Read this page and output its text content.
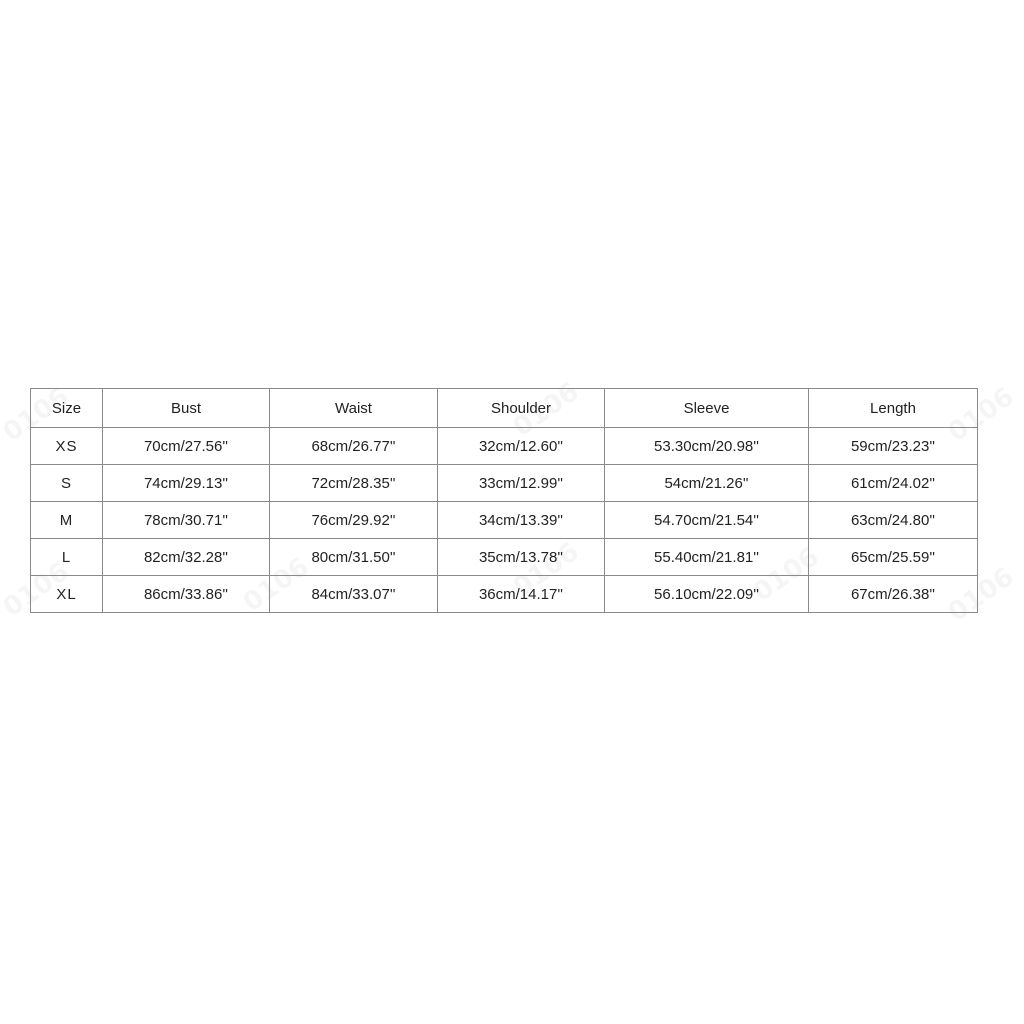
Size	Bust	Waist	Shoulder	Sleeve	Length
XS	70cm/27.56''	68cm/26.77''	32cm/12.60''	53.30cm/20.98''	59cm/23.23''
S	74cm/29.13''	72cm/28.35''	33cm/12.99''	54cm/21.26''	61cm/24.02''
M	78cm/30.71''	76cm/29.92''	34cm/13.39''	54.70cm/21.54''	63cm/24.80''
L	82cm/32.28''	80cm/31.50''	35cm/13.78''	55.40cm/21.81''	65cm/25.59''
XL	86cm/33.86''	84cm/33.07''	36cm/14.17''	56.10cm/22.09''	67cm/26.38''
